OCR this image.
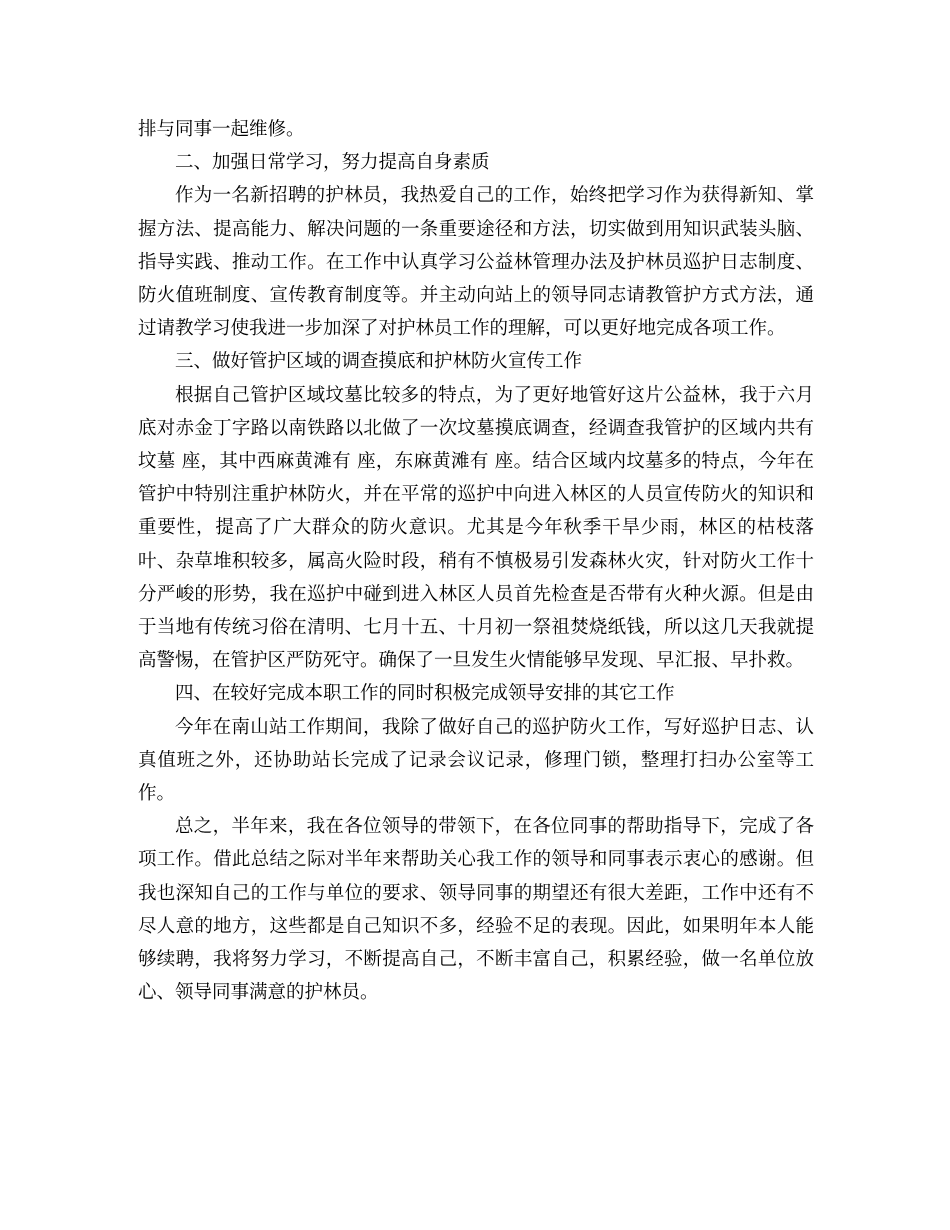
排与同事一起维修。

二、加强日常学习，努力提高自身素质

作为一名新招聘的护林员，我热爱自己的工作，始终把学习作为获得新知、掌握方法、提高能力、解决问题的一条重要途径和方法，切实做到用知识武装头脑、指导实践、推动工作。在工作中认真学习公益林管理办法及护林员巡护日志制度、防火值班制度、宣传教育制度等。并主动向站上的领导同志请教管护方式方法，通过请教学习使我进一步加深了对护林员工作的理解，可以更好地完成各项工作。

三、做好管护区域的调查摸底和护林防火宣传工作

根据自己管护区域坟墓比较多的特点，为了更好地管好这片公益林，我于六月底对赤金丁字路以南铁路以北做了一次坟墓摸底调查，经调查我管护的区域内共有坟墓 座，其中西麻黄滩有 座，东麻黄滩有 座。结合区域内坟墓多的特点，今年在管护中特别注重护林防火，并在平常的巡护中向进入林区的人员宣传防火的知识和重要性，提高了广大群众的防火意识。尤其是今年秋季干旱少雨，林区的枯枝落叶、杂草堆积较多，属高火险时段，稍有不慎极易引发森林火灾，针对防火工作十分严峻的形势，我在巡护中碰到进入林区人员首先检查是否带有火种火源。但是由于当地有传统习俗在清明、七月十五、十月初一祭祖焚烧纸钱，所以这几天我就提高警惕，在管护区严防死守。确保了一旦发生火情能够早发现、早汇报、早扑救。

四、在较好完成本职工作的同时积极完成领导安排的其它工作

今年在南山站工作期间，我除了做好自己的巡护防火工作，写好巡护日志、认真值班之外，还协助站长完成了记录会议记录，修理门锁，整理打扫办公室等工作。

总之，半年来，我在各位领导的带领下，在各位同事的帮助指导下，完成了各项工作。借此总结之际对半年来帮助关心我工作的领导和同事表示衷心的感谢。但我也深知自己的工作与单位的要求、领导同事的期望还有很大差距，工作中还有不尽人意的地方，这些都是自己知识不多，经验不足的表现。因此，如果明年本人能够续聘，我将努力学习，不断提高自己，不断丰富自己，积累经验，做一名单位放心、领导同事满意的护林员。
